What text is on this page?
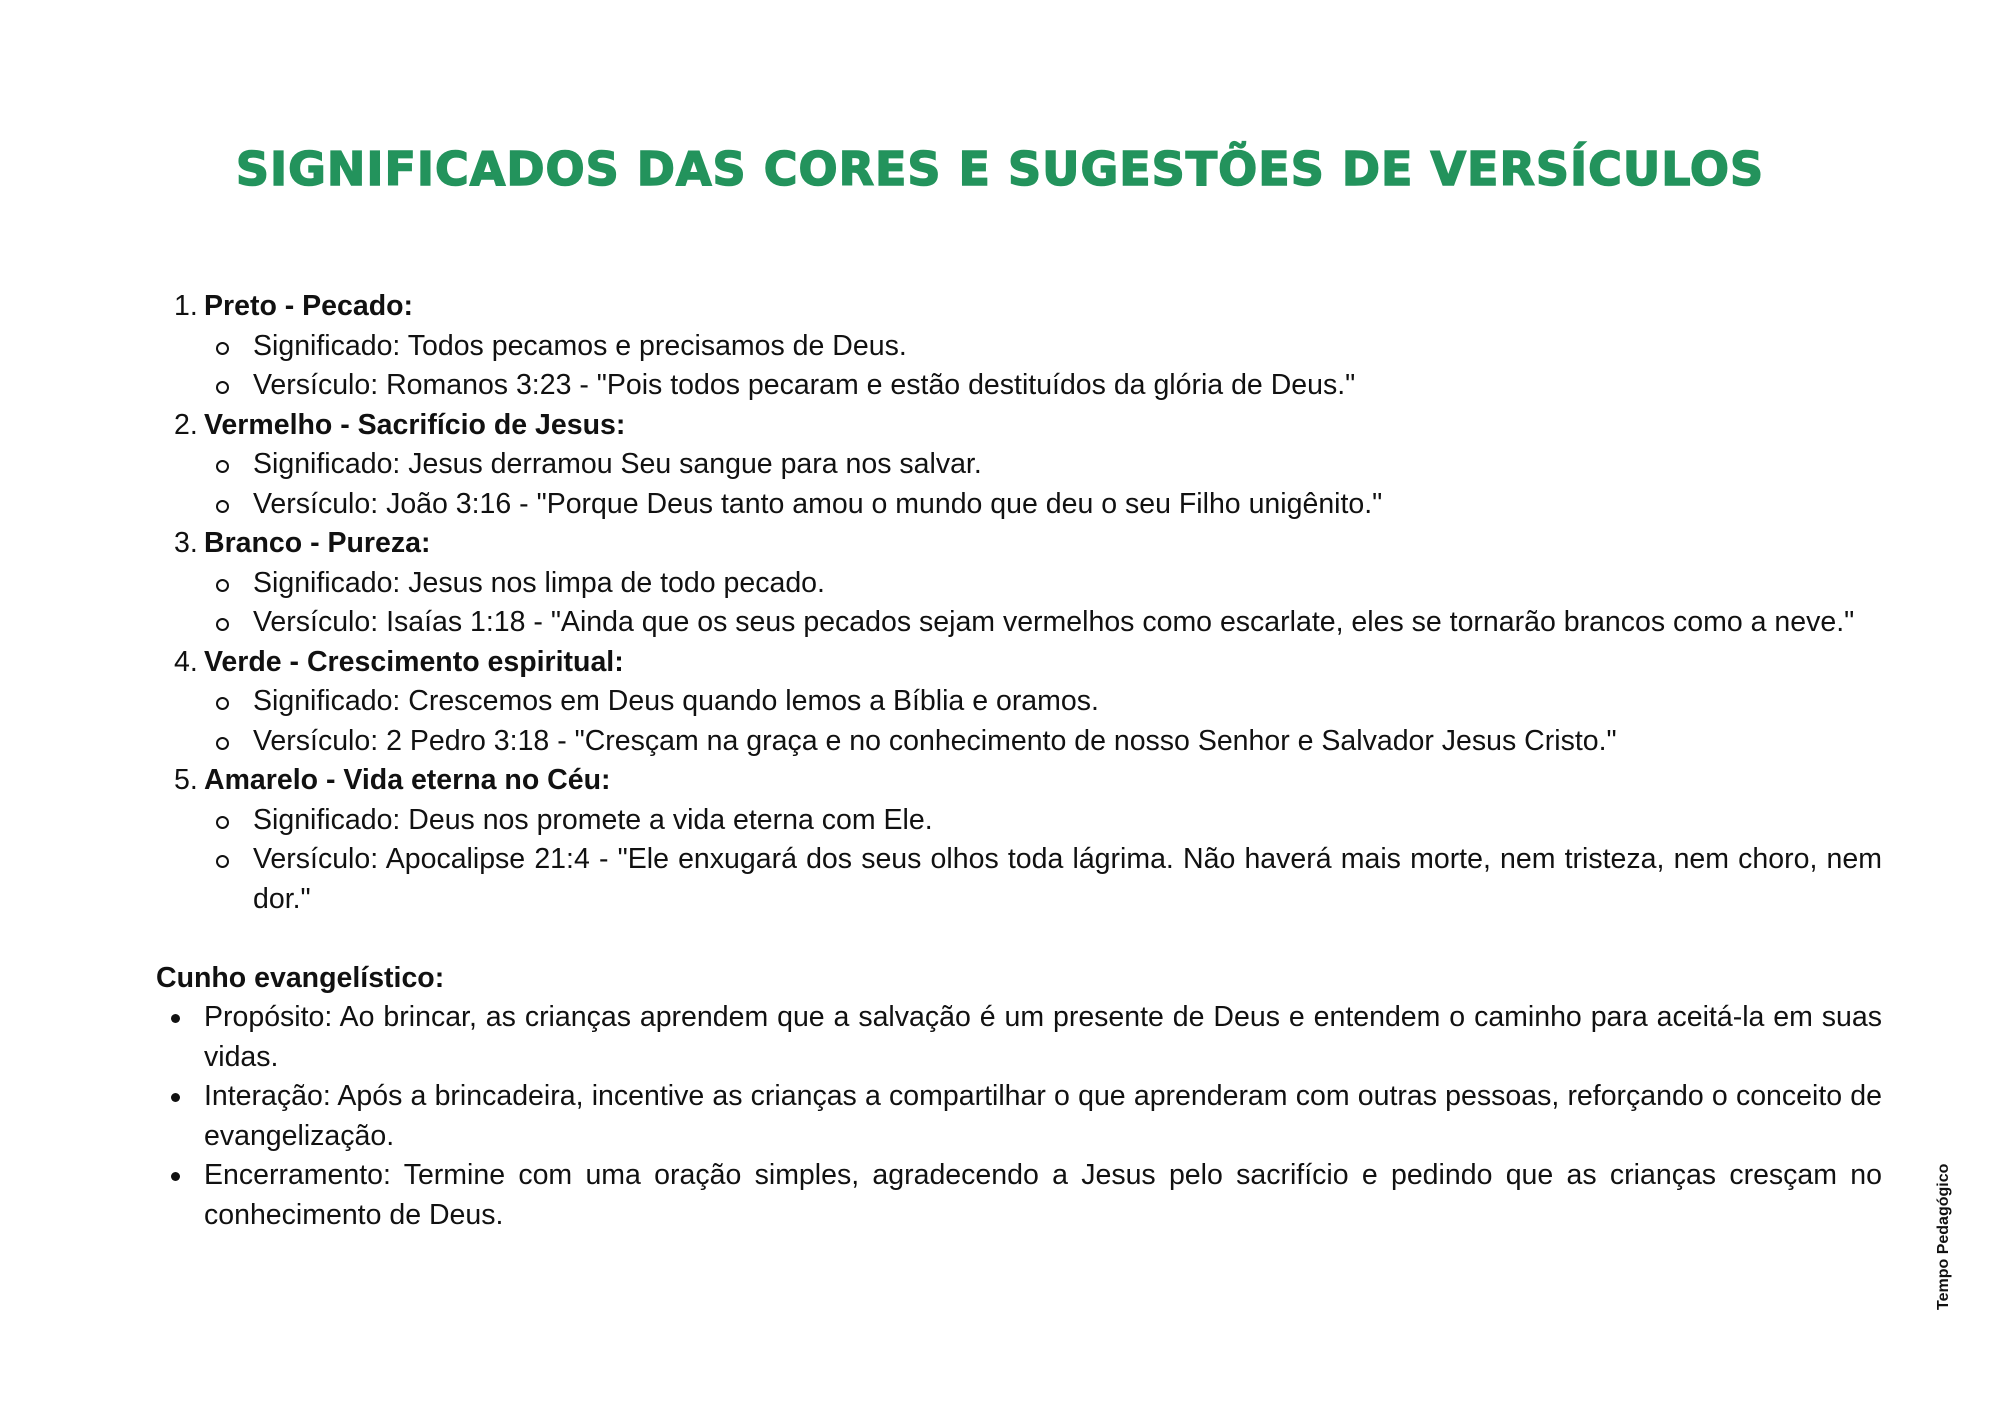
SIGNIFICADOS DAS CORES E SUGESTÕES DE VERSÍCULOS
1. Preto - Pecado:
Significado: Todos pecamos e precisamos de Deus.
Versículo: Romanos 3:23 - "Pois todos pecaram e estão destituídos da glória de Deus."
2. Vermelho - Sacrifício de Jesus:
Significado: Jesus derramou Seu sangue para nos salvar.
Versículo: João 3:16 - "Porque Deus tanto amou o mundo que deu o seu Filho unigênito."
3. Branco - Pureza:
Significado: Jesus nos limpa de todo pecado.
Versículo: Isaías 1:18 - "Ainda que os seus pecados sejam vermelhos como escarlate, eles se tornarão brancos como a neve."
4. Verde - Crescimento espiritual:
Significado: Crescemos em Deus quando lemos a Bíblia e oramos.
Versículo: 2 Pedro 3:18 - "Cresçam na graça e no conhecimento de nosso Senhor e Salvador Jesus Cristo."
5. Amarelo - Vida eterna no Céu:
Significado: Deus nos promete a vida eterna com Ele.
Versículo: Apocalipse 21:4 - "Ele enxugará dos seus olhos toda lágrima. Não haverá mais morte, nem tristeza, nem choro, nem dor."
Cunho evangelístico:
Propósito: Ao brincar, as crianças aprendem que a salvação é um presente de Deus e entendem o caminho para aceitá-la em suas vidas.
Interação: Após a brincadeira, incentive as crianças a compartilhar o que aprenderam com outras pessoas, reforçando o conceito de evangelização.
Encerramento: Termine com uma oração simples, agradecendo a Jesus pelo sacrifício e pedindo que as crianças cresçam no conhecimento de Deus.	Tempo Pedagógico
